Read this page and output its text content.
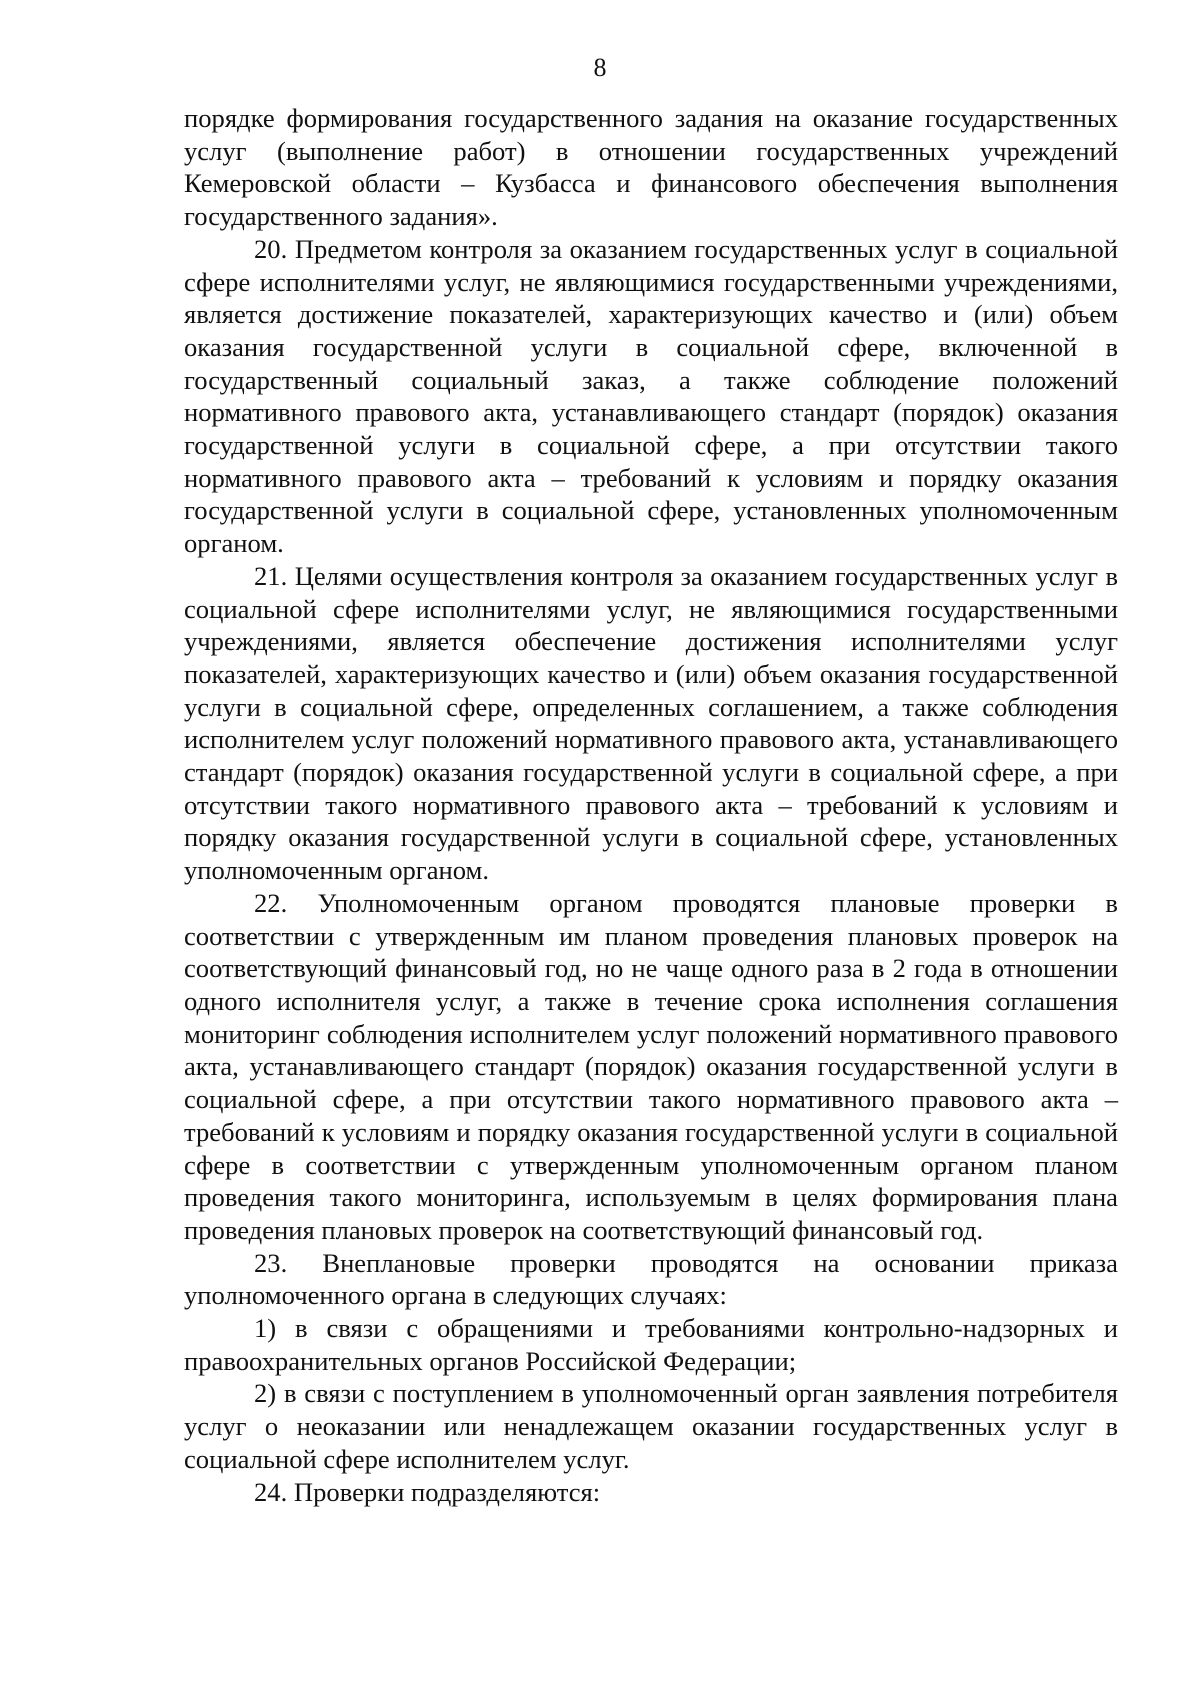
8

порядке формирования государственного задания на оказание государственных услуг (выполнение работ) в отношении государственных учреждений Кемеровской области – Кузбасса и финансового обеспечения выполнения государственного задания».

20. Предметом контроля за оказанием государственных услуг в социальной сфере исполнителями услуг, не являющимися государственными учреждениями, является достижение показателей, характеризующих качество и (или) объем оказания государственной услуги в социальной сфере, включенной в государственный социальный заказ, а также соблюдение положений нормативного правового акта, устанавливающего стандарт (порядок) оказания государственной услуги в социальной сфере, а при отсутствии такого нормативного правового акта – требований к условиям и порядку оказания государственной услуги в социальной сфере, установленных уполномоченным органом.

21. Целями осуществления контроля за оказанием государственных услуг в социальной сфере исполнителями услуг, не являющимися государственными учреждениями, является обеспечение достижения исполнителями услуг показателей, характеризующих качество и (или) объем оказания государственной услуги в социальной сфере, определенных соглашением, а также соблюдения исполнителем услуг положений нормативного правового акта, устанавливающего стандарт (порядок) оказания государственной услуги в социальной сфере, а при отсутствии такого нормативного правового акта – требований к условиям и порядку оказания государственной услуги в социальной сфере, установленных уполномоченным органом.

22. Уполномоченным органом проводятся плановые проверки в соответствии с утвержденным им планом проведения плановых проверок на соответствующий финансовый год, но не чаще одного раза в 2 года в отношении одного исполнителя услуг, а также в течение срока исполнения соглашения мониторинг соблюдения исполнителем услуг положений нормативного правового акта, устанавливающего стандарт (порядок) оказания государственной услуги в социальной сфере, а при отсутствии такого нормативного правового акта – требований к условиям и порядку оказания государственной услуги в социальной сфере в соответствии с утвержденным уполномоченным органом планом проведения такого мониторинга, используемым в целях формирования плана проведения плановых проверок на соответствующий финансовый год.

23. Внеплановые проверки проводятся на основании приказа уполномоченного органа в следующих случаях:

1) в связи с обращениями и требованиями контрольно-надзорных и правоохранительных органов Российской Федерации;

2) в связи с поступлением в уполномоченный орган заявления потребителя услуг о неоказании или ненадлежащем оказании государственных услуг в социальной сфере исполнителем услуг.

24. Проверки подразделяются:
